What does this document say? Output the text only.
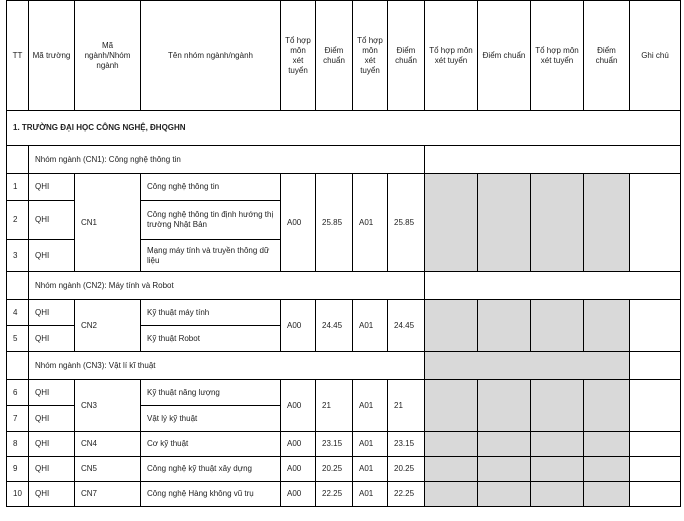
TT	Mã trường	Mã ngành/Nhóm ngành	Tên nhóm ngành/ngành	Tổ hợp môn xét tuyển	Điểm chuẩn	Tổ hợp môn xét tuyển	Điểm chuẩn	Tổ hợp môn xét tuyển	Điểm chuẩn	Tổ hợp môn xét tuyển	Điểm chuẩn	Ghi chú
1. TRƯỜNG ĐẠI HỌC CÔNG NGHỆ, ĐHQGHN												
	Nhóm ngành (CN1): Công nghệ thông tin											
1	QHI	CN1	Công nghệ thông tin	A00	25.85	A01	25.85					
2	QHI		Công nghệ thông tin định hướng thị trường Nhật Bản									
3	QHI		Mạng máy tính và truyền thông dữ liệu									
	Nhóm ngành (CN2): Máy tính và Robot											
4	QHI	CN2	Kỹ thuật máy tính	A00	24.45	A01	24.45					
5	QHI		Kỹ thuật Robot									
	Nhóm ngành (CN3): Vật lí kĩ thuật											
6	QHI	CN3	Kỹ thuật năng lượng	A00	21	A01	21					
7	QHI		Vật lý kỹ thuật									
8	QHI	CN4	Cơ kỹ thuật	A00	23.15	A01	23.15					
9	QHI	CN5	Công nghệ kỹ thuật xây dựng	A00	20.25	A01	20.25					
10	QHI	CN7	Công nghệ Hàng không vũ trụ	A00	22.25	A01	22.25					
